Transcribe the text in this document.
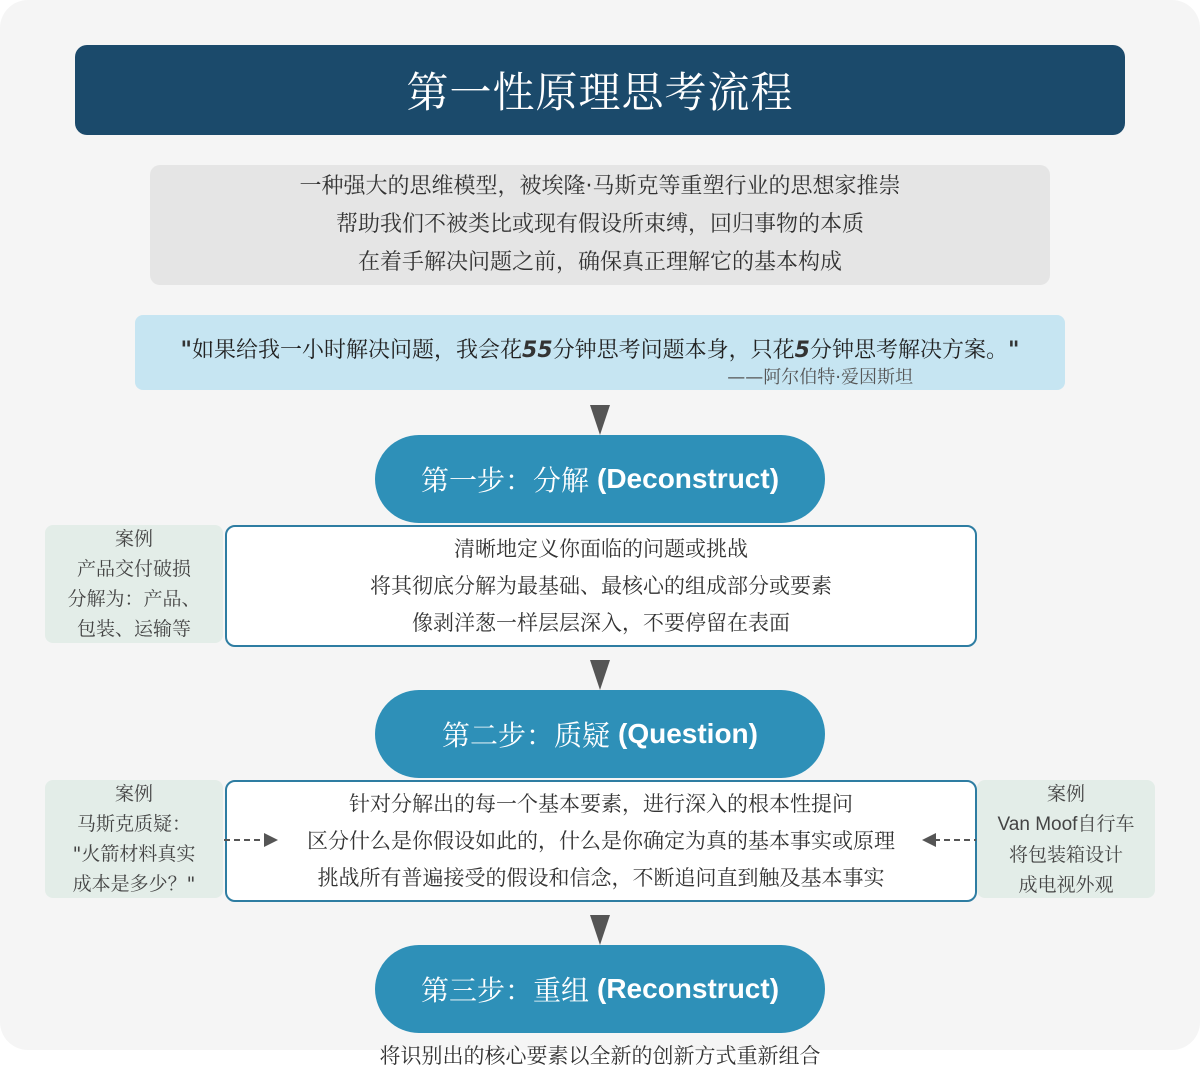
第一性原理思考流程
一种强大的思维模型，被埃隆·马斯克等重塑行业的思想家推崇
帮助我们不被类比或现有假设所束缚，回归事物的本质
在着手解决问题之前，确保真正理解它的基本构成
"如果给我一小时解决问题，我会花55分钟思考问题本身，只花5分钟思考解决方案。"
——阿尔伯特·爱因斯坦
第一步：分解 (Deconstruct)
案例
产品交付破损
分解为：产品、
包装、运输等
清晰地定义你面临的问题或挑战
将其彻底分解为最基础、最核心的组成部分或要素
像剥洋葱一样层层深入，不要停留在表面
第二步：质疑 (Question)
案例
马斯克质疑：
"火箭材料真实
成本是多少？"
针对分解出的每一个基本要素，进行深入的根本性提问
区分什么是你假设如此的，什么是你确定为真的基本事实或原理
挑战所有普遍接受的假设和信念，不断追问直到触及基本事实
案例
Van Moof自行车
将包装箱设计
成电视外观
第三步：重组 (Reconstruct)
将识别出的核心要素以全新的创新方式重新组合
